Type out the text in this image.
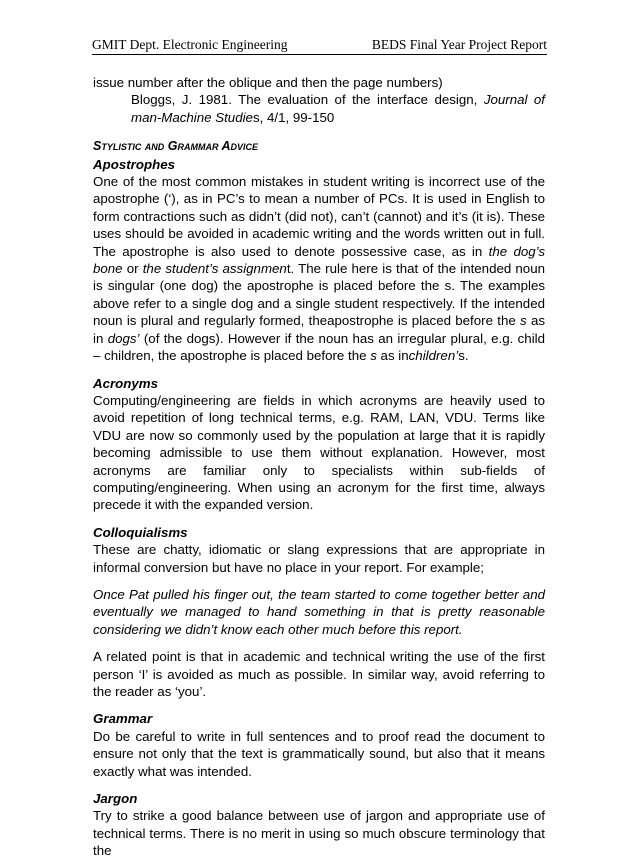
GMIT Dept. Electronic Engineering	BEDS Final Year Project Report

issue number after the oblique and then the page numbers)

Bloggs, J. 1981. The evaluation of the interface design, Journal of man-Machine Studies, 4/1, 99-150

Stylistic and Grammar Advice

Apostrophes

One of the most common mistakes in student writing is incorrect use of the apostrophe (‘), as in PC’s to mean a number of PCs. It is used in English to form contractions such as didn’t (did not), can’t (cannot) and it’s (it is). These uses should be avoided in academic writing and the words written out in full. The apostrophe is also used to denote possessive case, as in the dog’s bone or the student’s assignment. The rule here is that of the intended noun is singular (one dog) the apostrophe is placed before the s. The examples above refer to a single dog and a single student respectively. If the intended noun is plural and regularly formed, theapostrophe is placed before the s as in dogs’ (of the dogs). However if the noun has an irregular plural, e.g. child – children, the apostrophe is placed before the s as inchildren’s.

Acronyms

Computing/engineering are fields in which acronyms are heavily used to avoid repetition of long technical terms, e.g. RAM, LAN, VDU. Terms like VDU are now so commonly used by the population at large that it is rapidly becoming admissible to use them without explanation. However, most acronyms are familiar only to specialists within sub-fields of computing/engineering. When using an acronym for the first time, always precede it with the expanded version.

Colloquialisms

These are chatty, idiomatic or slang expressions that are appropriate in informal conversion but have no place in your report. For example;

Once Pat pulled his finger out, the team started to come together better and eventually we managed to hand something in that is pretty reasonable considering we didn’t know each other much before this report.

A related point is that in academic and technical writing the use of the first person ‘I’ is avoided as much as possible. In similar way, avoid referring to the reader as ‘you’.

Grammar

Do be careful to write in full sentences and to proof read the document to ensure not only that the text is grammatically sound, but also that it means exactly what was intended.

Jargon

Try to strike a good balance between use of jargon and appropriate use of technical terms. There is no merit in using so much obscure terminology that the
